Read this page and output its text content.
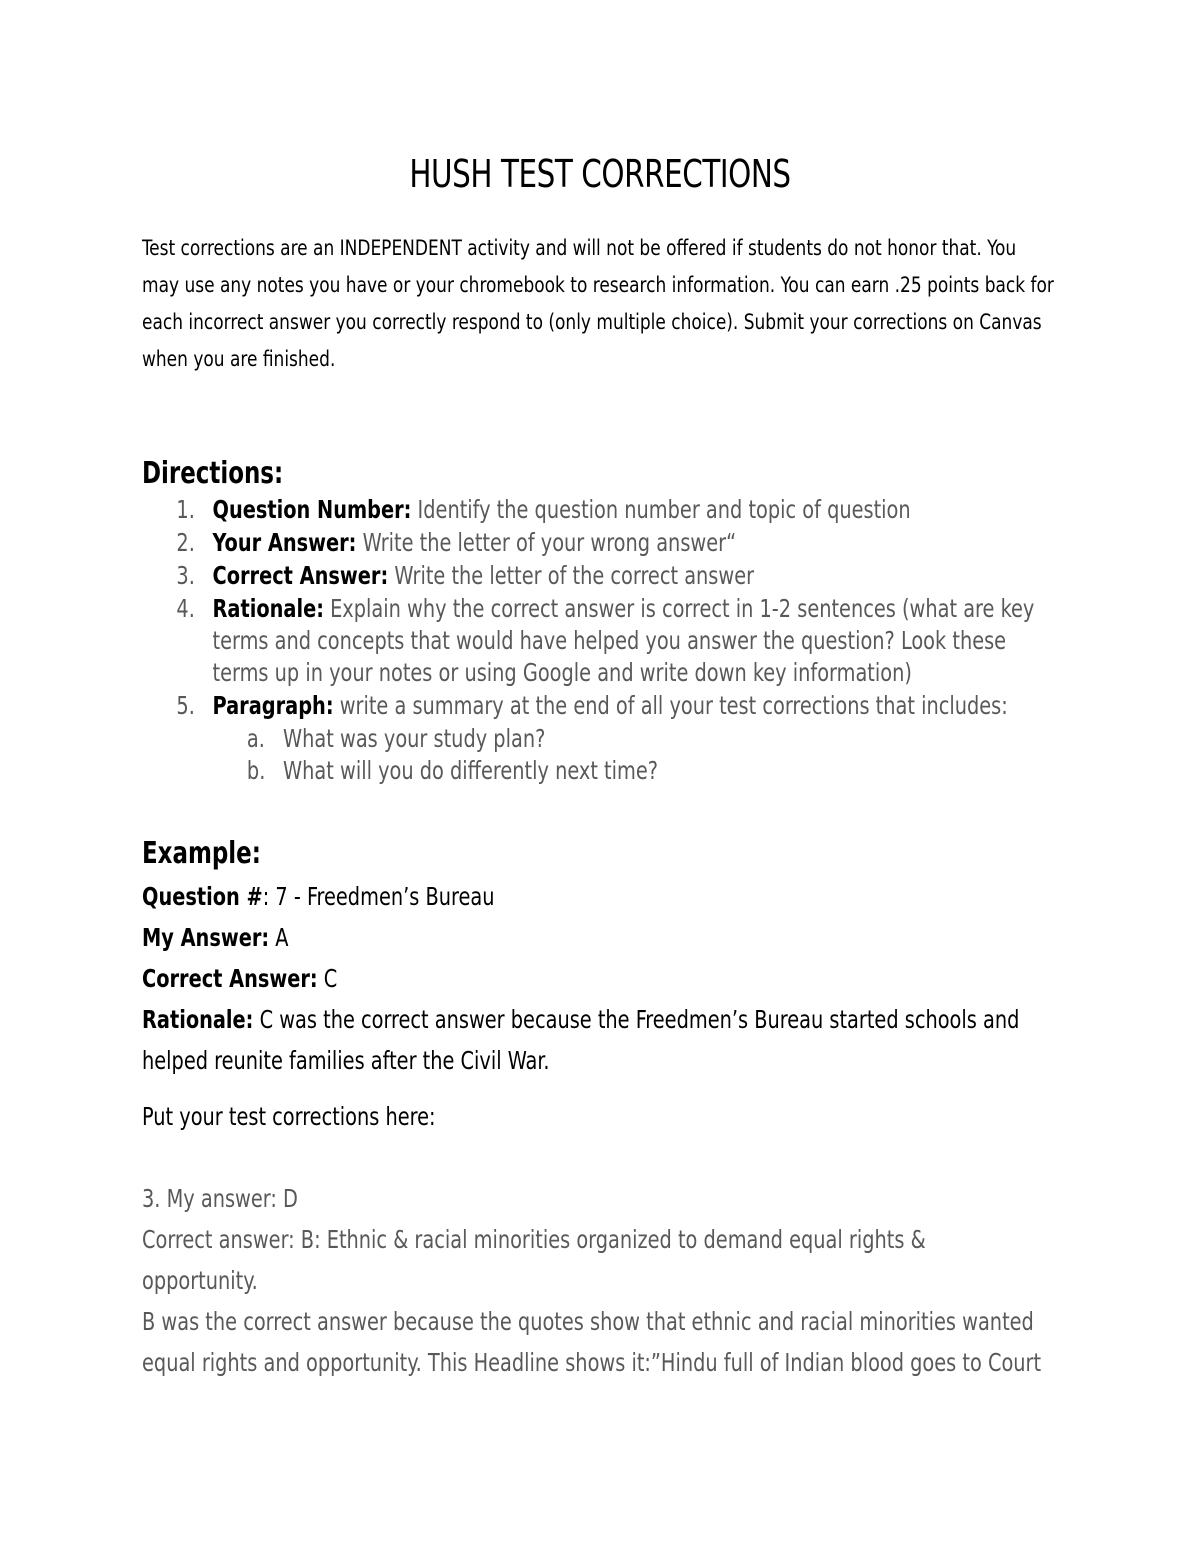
HUSH TEST CORRECTIONS
Test corrections are an INDEPENDENT activity and will not be offered if students do not honor that. You
may use any notes you have or your chromebook to research information. You can earn .25 points back for
each incorrect answer you correctly respond to (only multiple choice). Submit your corrections on Canvas
when you are finished.
Directions:
1. Question Number: Identify the question number and topic of question
2. Your Answer: Write the letter of your wrong answer“
3. Correct Answer: Write the letter of the correct answer
4. Rationale: Explain why the correct answer is correct in 1-2 sentences (what are key
terms and concepts that would have helped you answer the question? Look these
terms up in your notes or using Google and write down key information)
5. Paragraph: write a summary at the end of all your test corrections that includes:
a. What was your study plan?
b. What will you do differently next time?
Example:
Question #: 7 - Freedmen’s Bureau
My Answer: A
Correct Answer: C
Rationale: C was the correct answer because the Freedmen’s Bureau started schools and
helped reunite families after the Civil War.
Put your test corrections here:
3. My answer: D
Correct answer: B: Ethnic & racial minorities organized to demand equal rights &
opportunity.
B was the correct answer because the quotes show that ethnic and racial minorities wanted
equal rights and opportunity. This Headline shows it:”Hindu full of Indian blood goes to Court
